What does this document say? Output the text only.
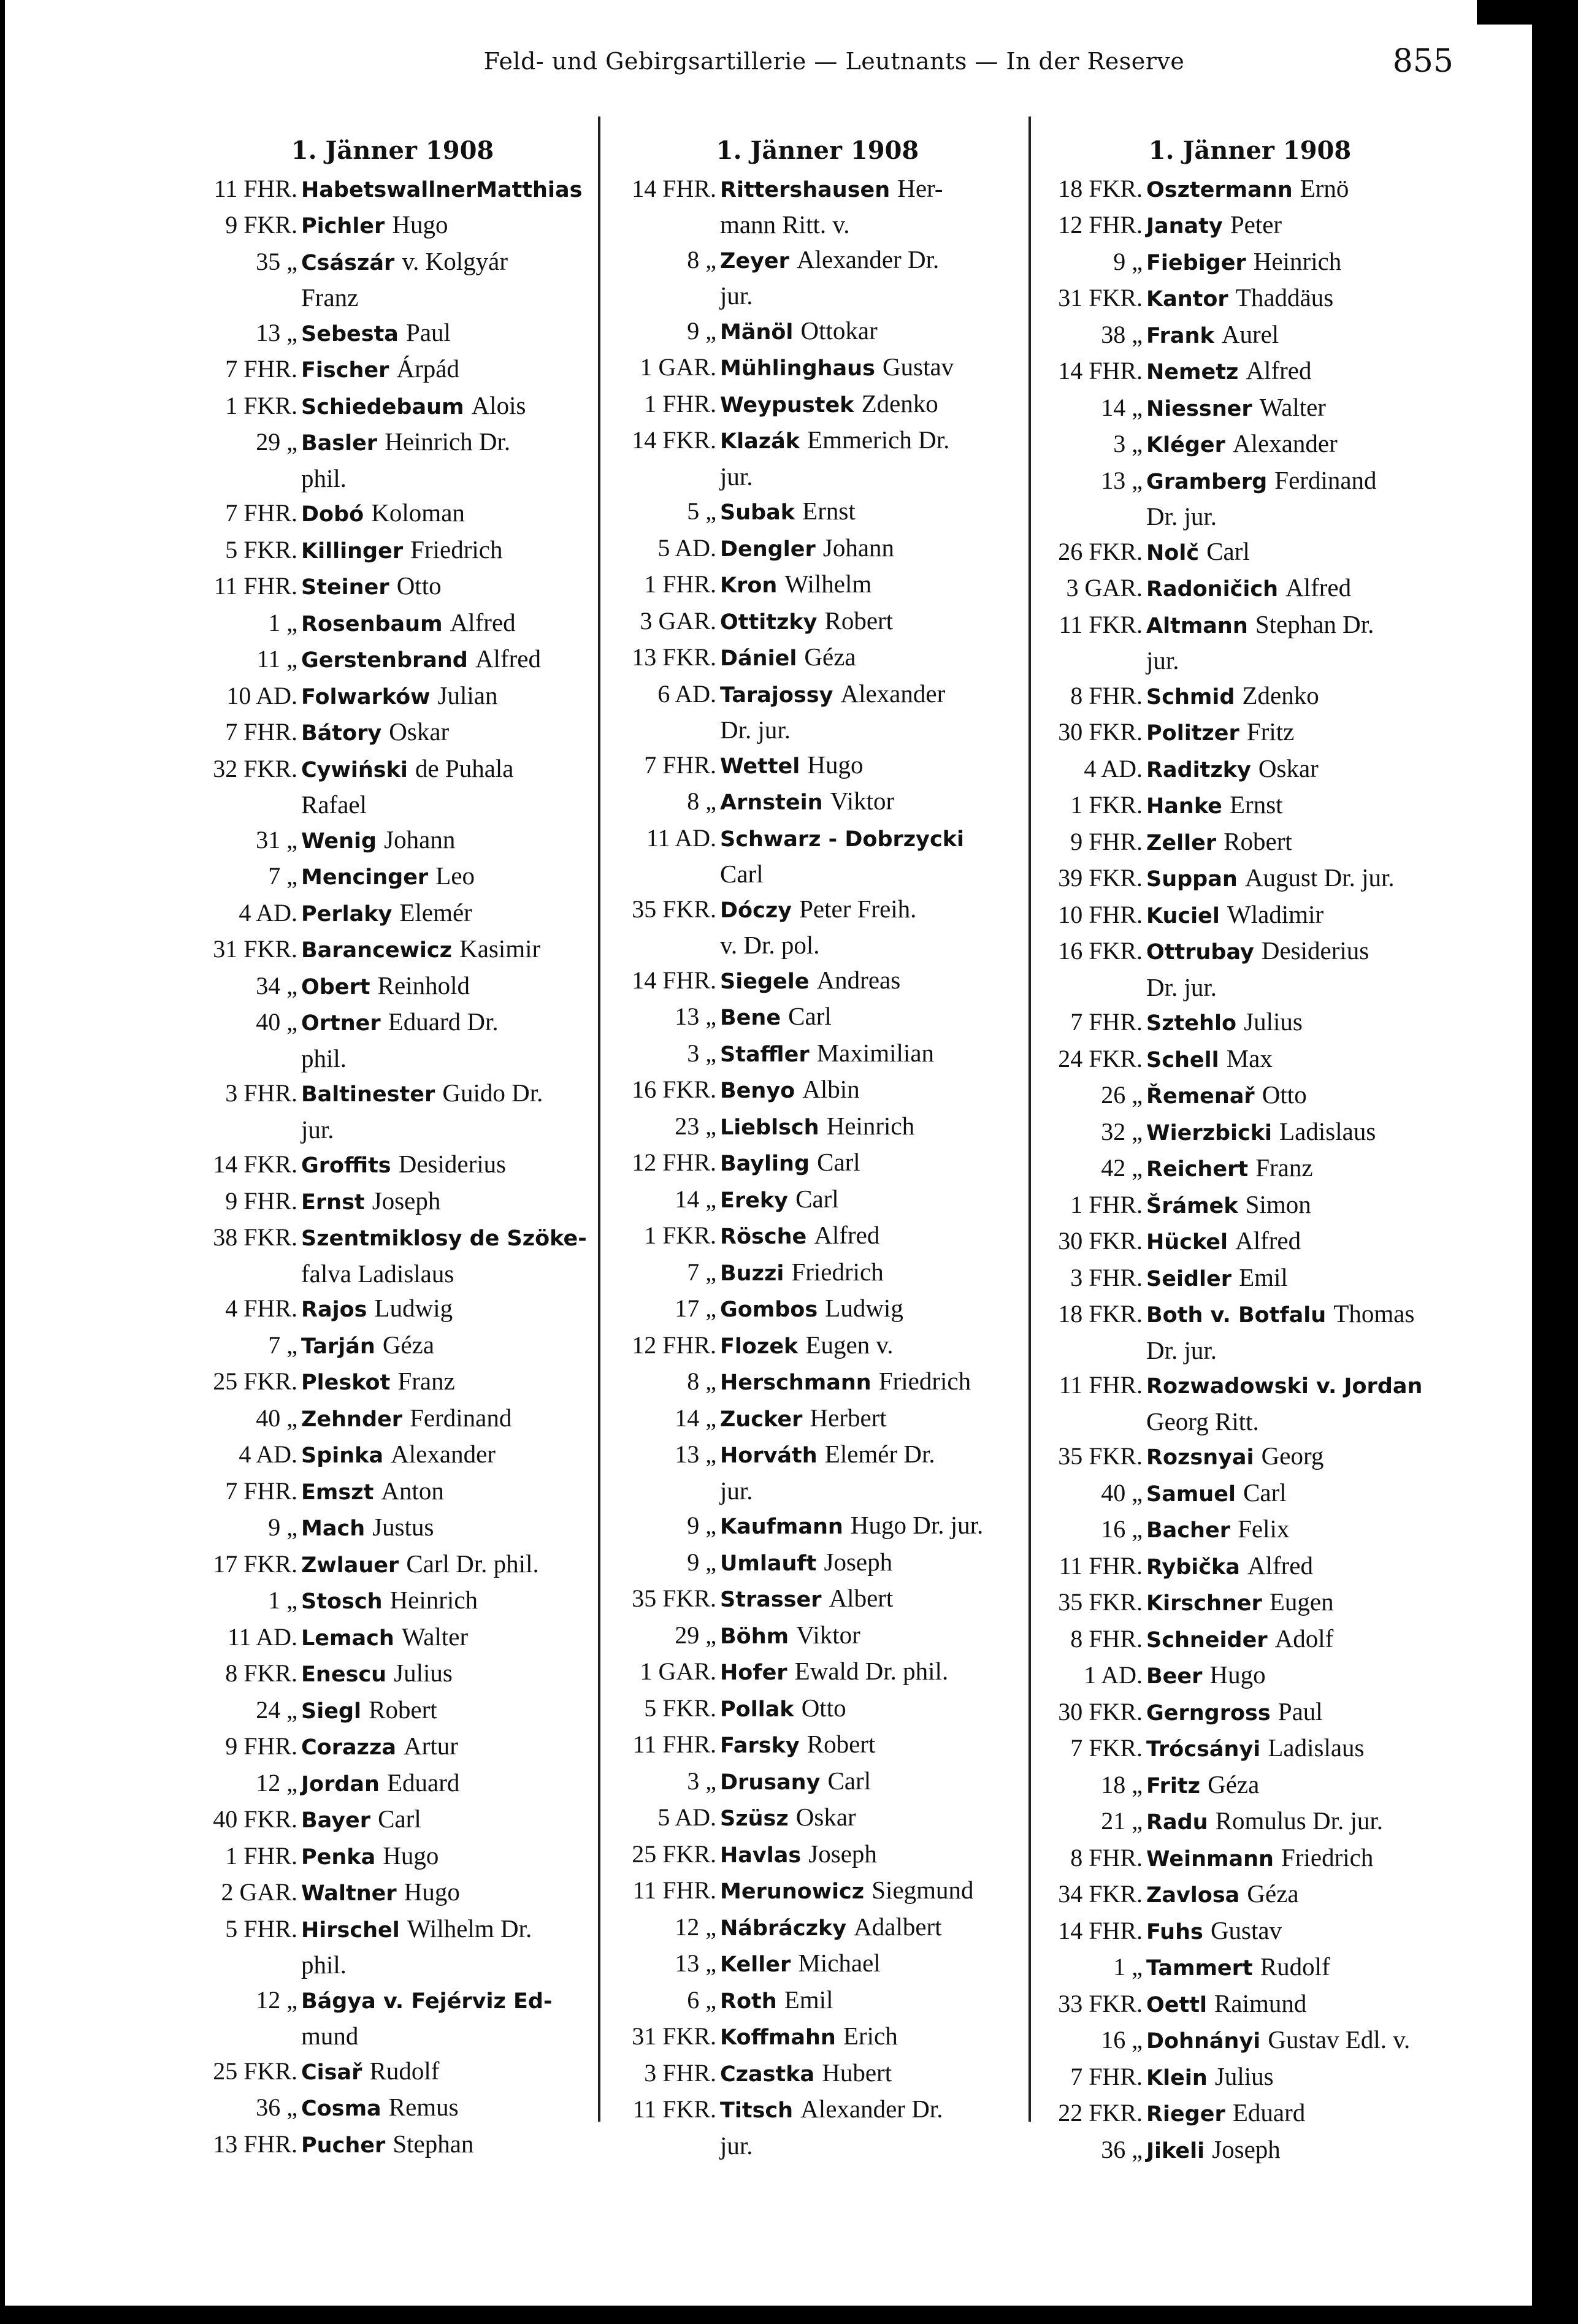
Feld- und Gebirgsartillerie — Leutnants — In der Reserve	855
1. Jänner 1908
11 FHR. HabetswallnerMatthias
9 FKR. Pichler Hugo
35 „ Császár v. Kolgyár
Franz
13 „ Sebesta Paul
7 FHR. Fischer Árpád
1 FKR. Schiedebaum Alois
29 „ Basler Heinrich Dr.
phil.
7 FHR. Dobó Koloman
5 FKR. Killinger Friedrich
11 FHR. Steiner Otto
1 „ Rosenbaum Alfred
11 „ Gerstenbrand Alfred
10 AD. Folwarków Julian
7 FHR. Bátory Oskar
32 FKR. Cywiński de Puhala
Rafael
31 „ Wenig Johann
7 „ Mencinger Leo
4 AD. Perlaky Elemér
31 FKR. Barancewicz Kasimir
34 „ Obert Reinhold
40 „ Ortner Eduard Dr.
phil.
3 FHR. Baltinester Guido Dr.
jur.
14 FKR. Groffits Desiderius
9 FHR. Ernst Joseph
38 FKR. Szentmiklosy de Szöke-
falva Ladislaus
4 FHR. Rajos Ludwig
7 „ Tarján Géza
25 FKR. Pleskot Franz
40 „ Zehnder Ferdinand
4 AD. Spinka Alexander
7 FHR. Emszt Anton
9 „ Mach Justus
17 FKR. Zwlauer Carl Dr. phil.
1 „ Stosch Heinrich
11 AD. Lemach Walter
8 FKR. Enescu Julius
24 „ Siegl Robert
9 FHR. Corazza Artur
12 „ Jordan Eduard
40 FKR. Bayer Carl
1 FHR. Penka Hugo
2 GAR. Waltner Hugo
5 FHR. Hirschel Wilhelm Dr.
phil.
12 „ Bágya v. Fejérviz Ed-
mund
25 FKR. Cisař Rudolf
36 „ Cosma Remus
13 FHR. Pucher Stephan
1. Jänner 1908
14 FHR. Rittershausen Her-
mann Ritt. v.
8 „ Zeyer Alexander Dr.
jur.
9 „ Mänöl Ottokar
1 GAR. Mühlinghaus Gustav
1 FHR. Weypustek Zdenko
14 FKR. Klazák Emmerich Dr.
jur.
5 „ Subak Ernst
5 AD. Dengler Johann
1 FHR. Kron Wilhelm
3 GAR. Ottitzky Robert
13 FKR. Dániel Géza
6 AD. Tarajossy Alexander
Dr. jur.
7 FHR. Wettel Hugo
8 „ Arnstein Viktor
11 AD. Schwarz - Dobrzycki
Carl
35 FKR. Dóczy Peter Freih.
v. Dr. pol.
14 FHR. Siegele Andreas
13 „ Bene Carl
3 „ Staffler Maximilian
16 FKR. Benyo Albin
23 „ Lieblsch Heinrich
12 FHR. Bayling Carl
14 „ Ereky Carl
1 FKR. Rösche Alfred
7 „ Buzzi Friedrich
17 „ Gombos Ludwig
12 FHR. Flozek Eugen v.
8 „ Herschmann Friedrich
14 „ Zucker Herbert
13 „ Horváth Elemér Dr.
jur.
9 „ Kaufmann Hugo Dr. jur.
9 „ Umlauft Joseph
35 FKR. Strasser Albert
29 „ Böhm Viktor
1 GAR. Hofer Ewald Dr. phil.
5 FKR. Pollak Otto
11 FHR. Farsky Robert
3 „ Drusany Carl
5 AD. Szüsz Oskar
25 FKR. Havlas Joseph
11 FHR. Merunowicz Siegmund
12 „ Nábráczky Adalbert
13 „ Keller Michael
6 „ Roth Emil
31 FKR. Koffmahn Erich
3 FHR. Czastka Hubert
11 FKR. Titsch Alexander Dr.
jur.
1. Jänner 1908
18 FKR. Osztermann Ernö
12 FHR. Janaty Peter
9 „ Fiebiger Heinrich
31 FKR. Kantor Thaddäus
38 „ Frank Aurel
14 FHR. Nemetz Alfred
14 „ Niessner Walter
3 „ Kléger Alexander
13 „ Gramberg Ferdinand
Dr. jur.
26 FKR. Nolč Carl
3 GAR. Radoničich Alfred
11 FKR. Altmann Stephan Dr.
jur.
8 FHR. Schmid Zdenko
30 FKR. Politzer Fritz
4 AD. Raditzky Oskar
1 FKR. Hanke Ernst
9 FHR. Zeller Robert
39 FKR. Suppan August Dr. jur.
10 FHR. Kuciel Wladimir
16 FKR. Ottrubay Desiderius
Dr. jur.
7 FHR. Sztehlo Julius
24 FKR. Schell Max
26 „ Řemenař Otto
32 „ Wierzbicki Ladislaus
42 „ Reichert Franz
1 FHR. Šrámek Simon
30 FKR. Hückel Alfred
3 FHR. Seidler Emil
18 FKR. Both v. Botfalu Thomas
Dr. jur.
11 FHR. Rozwadowski v. Jordan
Georg Ritt.
35 FKR. Rozsnyai Georg
40 „ Samuel Carl
16 „ Bacher Felix
11 FHR. Rybička Alfred
35 FKR. Kirschner Eugen
8 FHR. Schneider Adolf
1 AD. Beer Hugo
30 FKR. Gerngross Paul
7 FKR. Trócsányi Ladislaus
18 „ Fritz Géza
21 „ Radu Romulus Dr. jur.
8 FHR. Weinmann Friedrich
34 FKR. Zavlosa Géza
14 FHR. Fuhs Gustav
1 „ Tammert Rudolf
33 FKR. Oettl Raimund
16 „ Dohnányi Gustav Edl. v.
7 FHR. Klein Julius
22 FKR. Rieger Eduard
36 „ Jikeli Joseph
